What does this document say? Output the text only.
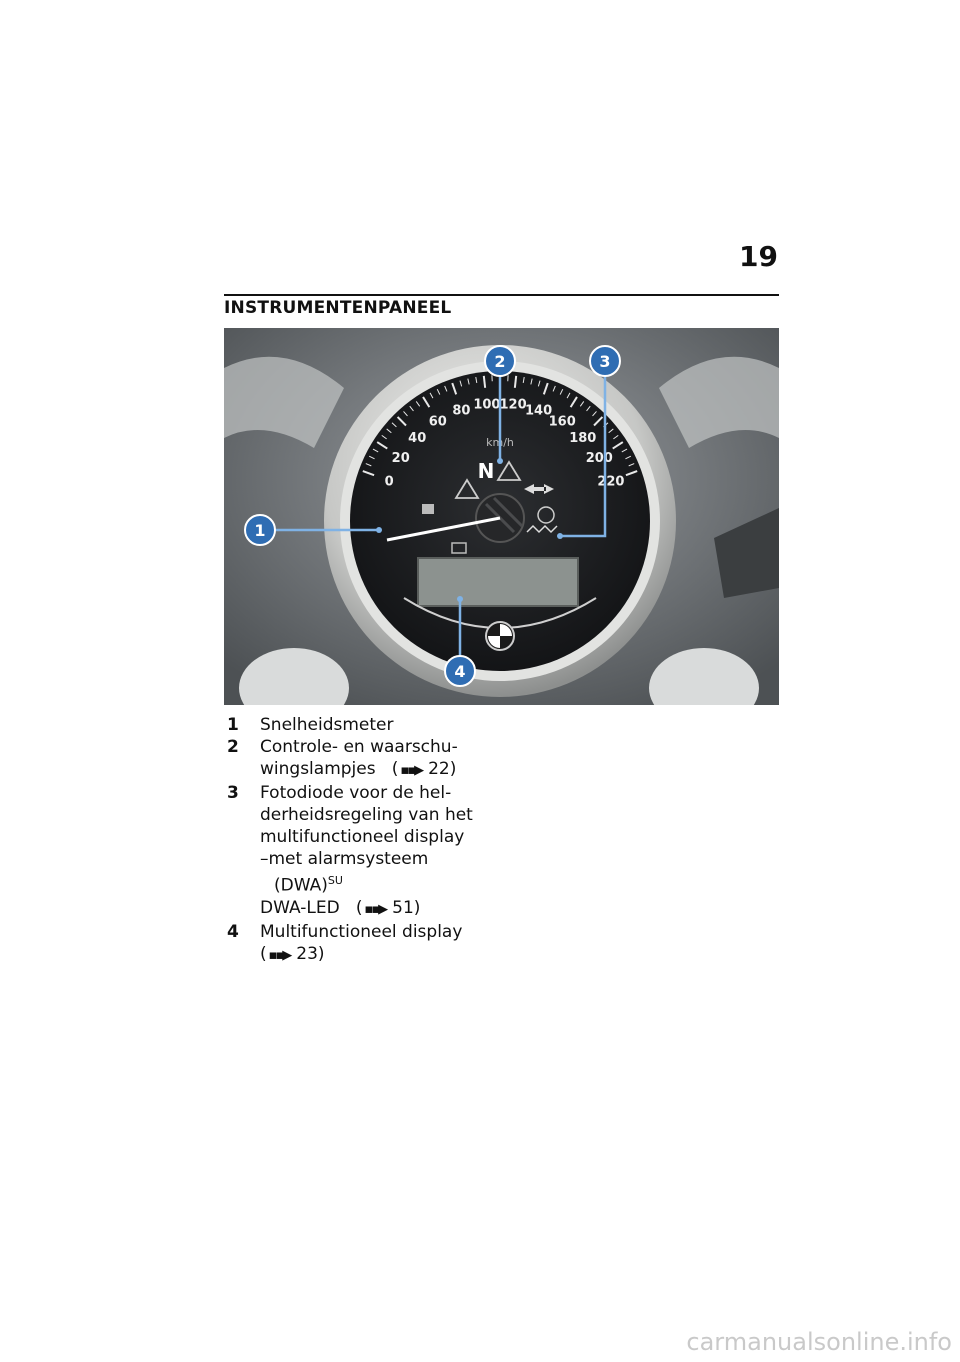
19
INSTRUMENTENPANEEL
0
20
40
60
80 100 120
140
160
180
200
220
km/h
N
1
2	3
4
1 Snelheidsmeter
2 Controle- en waarschu-
wingslampjes   ( ▪▪▶ 22)
3 Fotodiode voor de hel-
derheidsregeling van het
multifunctioneel display
–met alarmsysteem
(DWA)$^{SU}$
DWA-LED   ( ▪▪▶ 51)
4 Multifunctioneel display
( ▪▪▶ 23)
carmanualsonline.info
